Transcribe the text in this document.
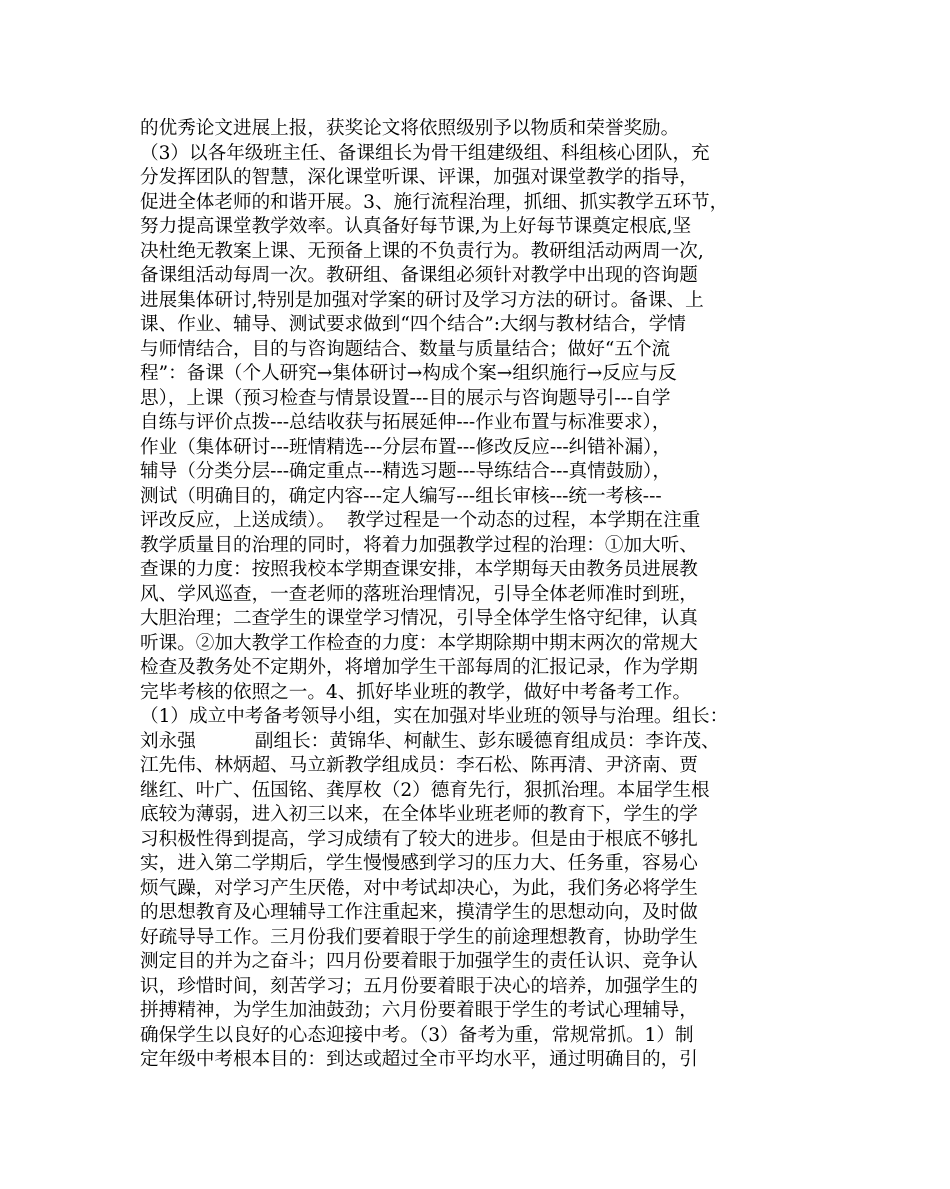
的优秀论文进展上报，获奖论文将依照级别予以物质和荣誉奖励。
（3）以各年级班主任、备课组长为骨干组建级组、科组核心团队，充
分发挥团队的智慧，深化课堂听课、评课，加强对课堂教学的指导，
促进全体老师的和谐开展。3、施行流程治理，抓细、抓实教学五环节，
努力提高课堂教学效率。认真备好每节课,为上好每节课奠定根底,坚
决杜绝无教案上课、无预备上课的不负责行为。教研组活动两周一次,
备课组活动每周一次。教研组、备课组必须针对教学中出现的咨询题
进展集体研讨,特别是加强对学案的研讨及学习方法的研讨。备课、上
课、作业、辅导、测试要求做到“四个结合”:大纲与教材结合，学情
与师情结合，目的与咨询题结合、数量与质量结合；做好“五个流
程”：备课（个人研究→集体研讨→构成个案→组织施行→反应与反
思），上课（预习检查与情景设置---目的展示与咨询题导引---自学
自练与评价点拨---总结收获与拓展延伸---作业布置与标准要求），
作业（集体研讨---班情精选---分层布置---修改反应---纠错补漏），
辅导（分类分层---确定重点---精选习题---导练结合---真情鼓励），
测试（明确目的，确定内容---定人编写---组长审核---统一考核---
评改反应，上送成绩）。  教学过程是一个动态的过程，本学期在注重
教学质量目的治理的同时，将着力加强教学过程的治理：①加大听、
查课的力度：按照我校本学期查课安排，本学期每天由教务员进展教
风、学风巡查，一查老师的落班治理情况，引导全体老师准时到班，
大胆治理；二查学生的课堂学习情况，引导全体学生恪守纪律，认真
听课。②加大教学工作检查的力度：本学期除期中期末两次的常规大
检查及教务处不定期外，将增加学生干部每周的汇报记录，作为学期
完毕考核的依照之一。4、抓好毕业班的教学，做好中考备考工作。
（1）成立中考备考领导小组，实在加强对毕业班的领导与治理。组长：
刘永强          副组长：黄锦华、柯献生、彭东暖德育组成员：李许茂、
江先伟、林炳超、马立新教学组成员：李石松、陈再清、尹济南、贾
继红、叶广、伍国铭、龚厚枚（2）德育先行，狠抓治理。本届学生根
底较为薄弱，进入初三以来，在全体毕业班老师的教育下，学生的学
习积极性得到提高，学习成绩有了较大的进步。但是由于根底不够扎
实，进入第二学期后，学生慢慢感到学习的压力大、任务重，容易心
烦气躁，对学习产生厌倦，对中考试却决心，为此，我们务必将学生
的思想教育及心理辅导工作注重起来，摸清学生的思想动向，及时做
好疏导导工作。三月份我们要着眼于学生的前途理想教育，协助学生
测定目的并为之奋斗；四月份要着眼于加强学生的责任认识、竞争认
识，珍惜时间，刻苦学习；五月份要着眼于决心的培养，加强学生的
拼搏精神，为学生加油鼓劲；六月份要着眼于学生的考试心理辅导，
确保学生以良好的心态迎接中考。（3）备考为重，常规常抓。1）制
定年级中考根本目的：到达或超过全市平均水平，通过明确目的，引
